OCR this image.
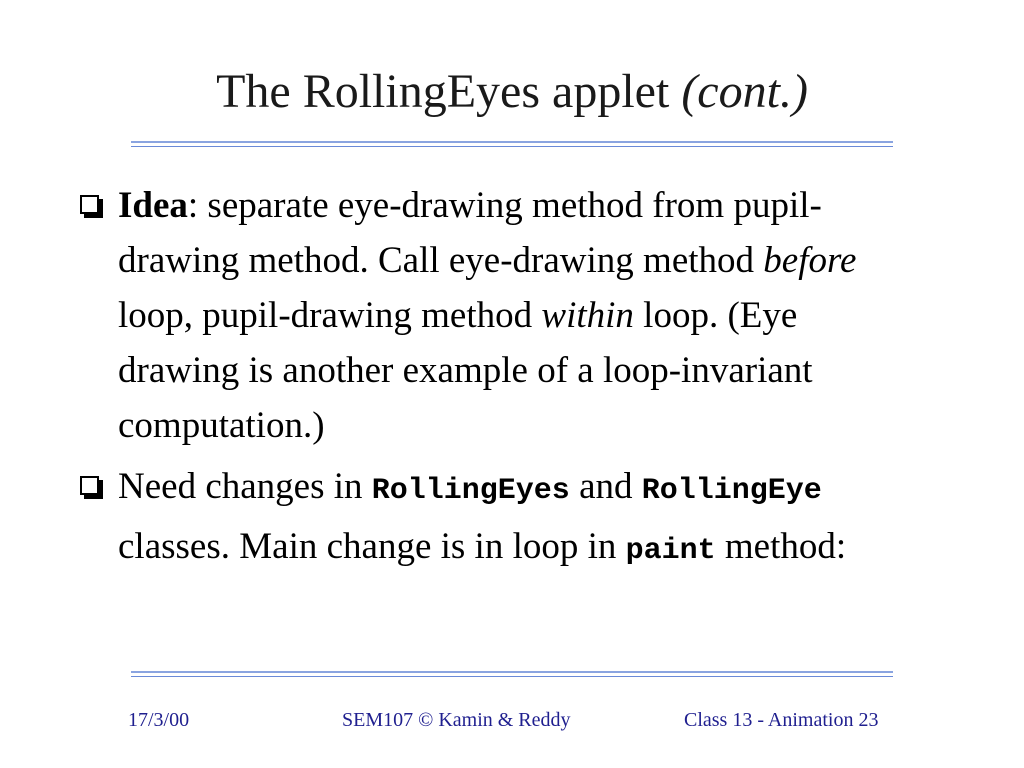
The RollingEyes applet (cont.)
Idea: separate eye-drawing method from pupil-drawing method. Call eye-drawing method before loop, pupil-drawing method within loop. (Eye drawing is another example of a loop-invariant computation.)
Need changes in RollingEyes and RollingEye classes. Main change is in loop in paint method:
17/3/00	SEM107 © Kamin & Reddy	Class 13 - Animation 23
